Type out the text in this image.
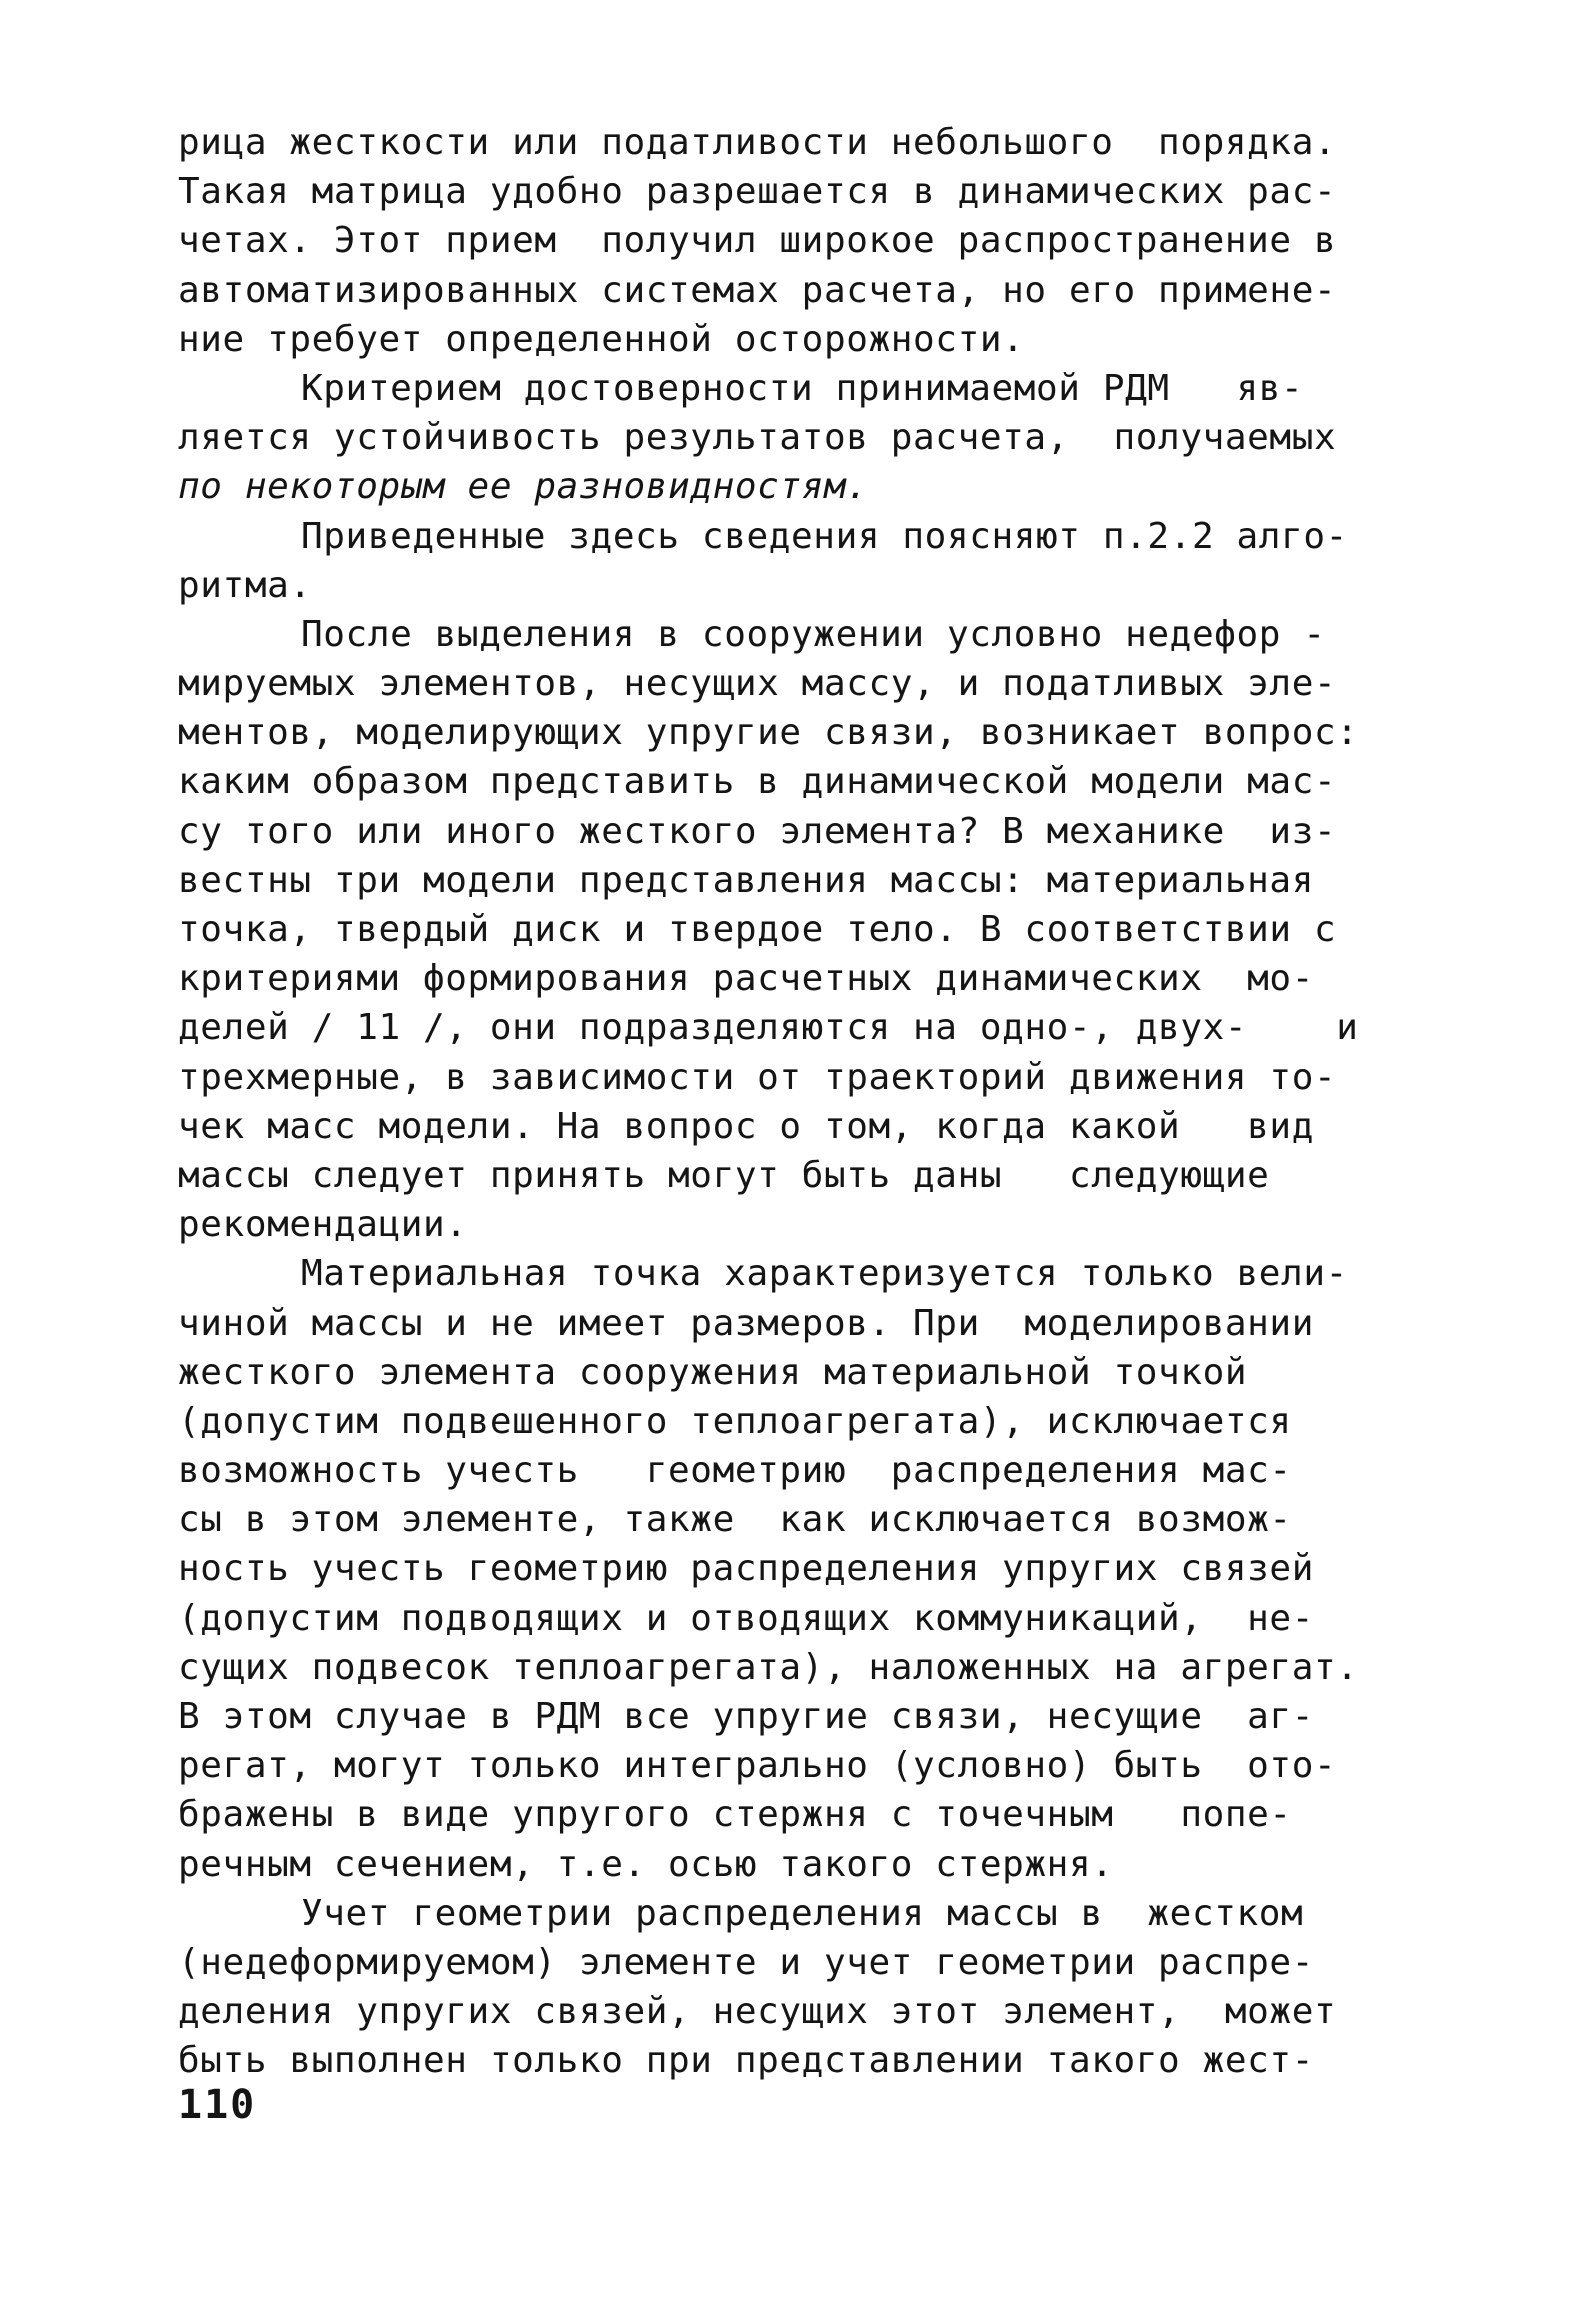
рица жесткости или податливости небольшого  порядка.
Такая матрица удобно разрешается в динамических рас-
четах. Этот прием  получил широкое распространение в
автоматизированных системах расчета, но его примене-
ние требует определенной осторожности.
Критерием достоверности принимаемой РДМ   яв-
ляется устойчивость результатов расчета,  получаемых
по некоторым ее разновидностям.
Приведенные здесь сведения поясняют п.2.2 алго-
ритма.
После выделения в сооружении условно недефор -
мируемых элементов, несущих массу, и податливых эле-
ментов, моделирующих упругие связи, возникает вопрос:
каким образом представить в динамической модели мас-
су того или иного жесткого элемента? В механике  из-
вестны три модели представления массы: материальная
точка, твердый диск и твердое тело. В соответствии с
критериями формирования расчетных динамических  мо-
делей / 11 /, они подразделяются на одно-, двух-    и
трехмерные, в зависимости от траекторий движения то-
чек масс модели. На вопрос о том, когда какой   вид
массы следует принять могут быть даны   следующие
рекомендации.
Материальная точка характеризуется только вели-
чиной массы и не имеет размеров. При  моделировании
жесткого элемента сооружения материальной точкой
(допустим подвешенного теплоагрегата), исключается
возможность учесть   геометрию  распределения мас-
сы в этом элементе, также  как исключается возмож-
ность учесть геометрию распределения упругих связей
(допустим подводящих и отводящих коммуникаций,  не-
сущих подвесок теплоагрегата), наложенных на агрегат.
В этом случае в РДМ все упругие связи, несущие  аг-
регат, могут только интегрально (условно) быть  ото-
бражены в виде упругого стержня с точечным   попе-
речным сечением, т.е. осью такого стержня.
Учет геометрии распределения массы в  жестком
(недеформируемом) элементе и учет геометрии распре-
деления упругих связей, несущих этот элемент,  может
быть выполнен только при представлении такого жест-
110
